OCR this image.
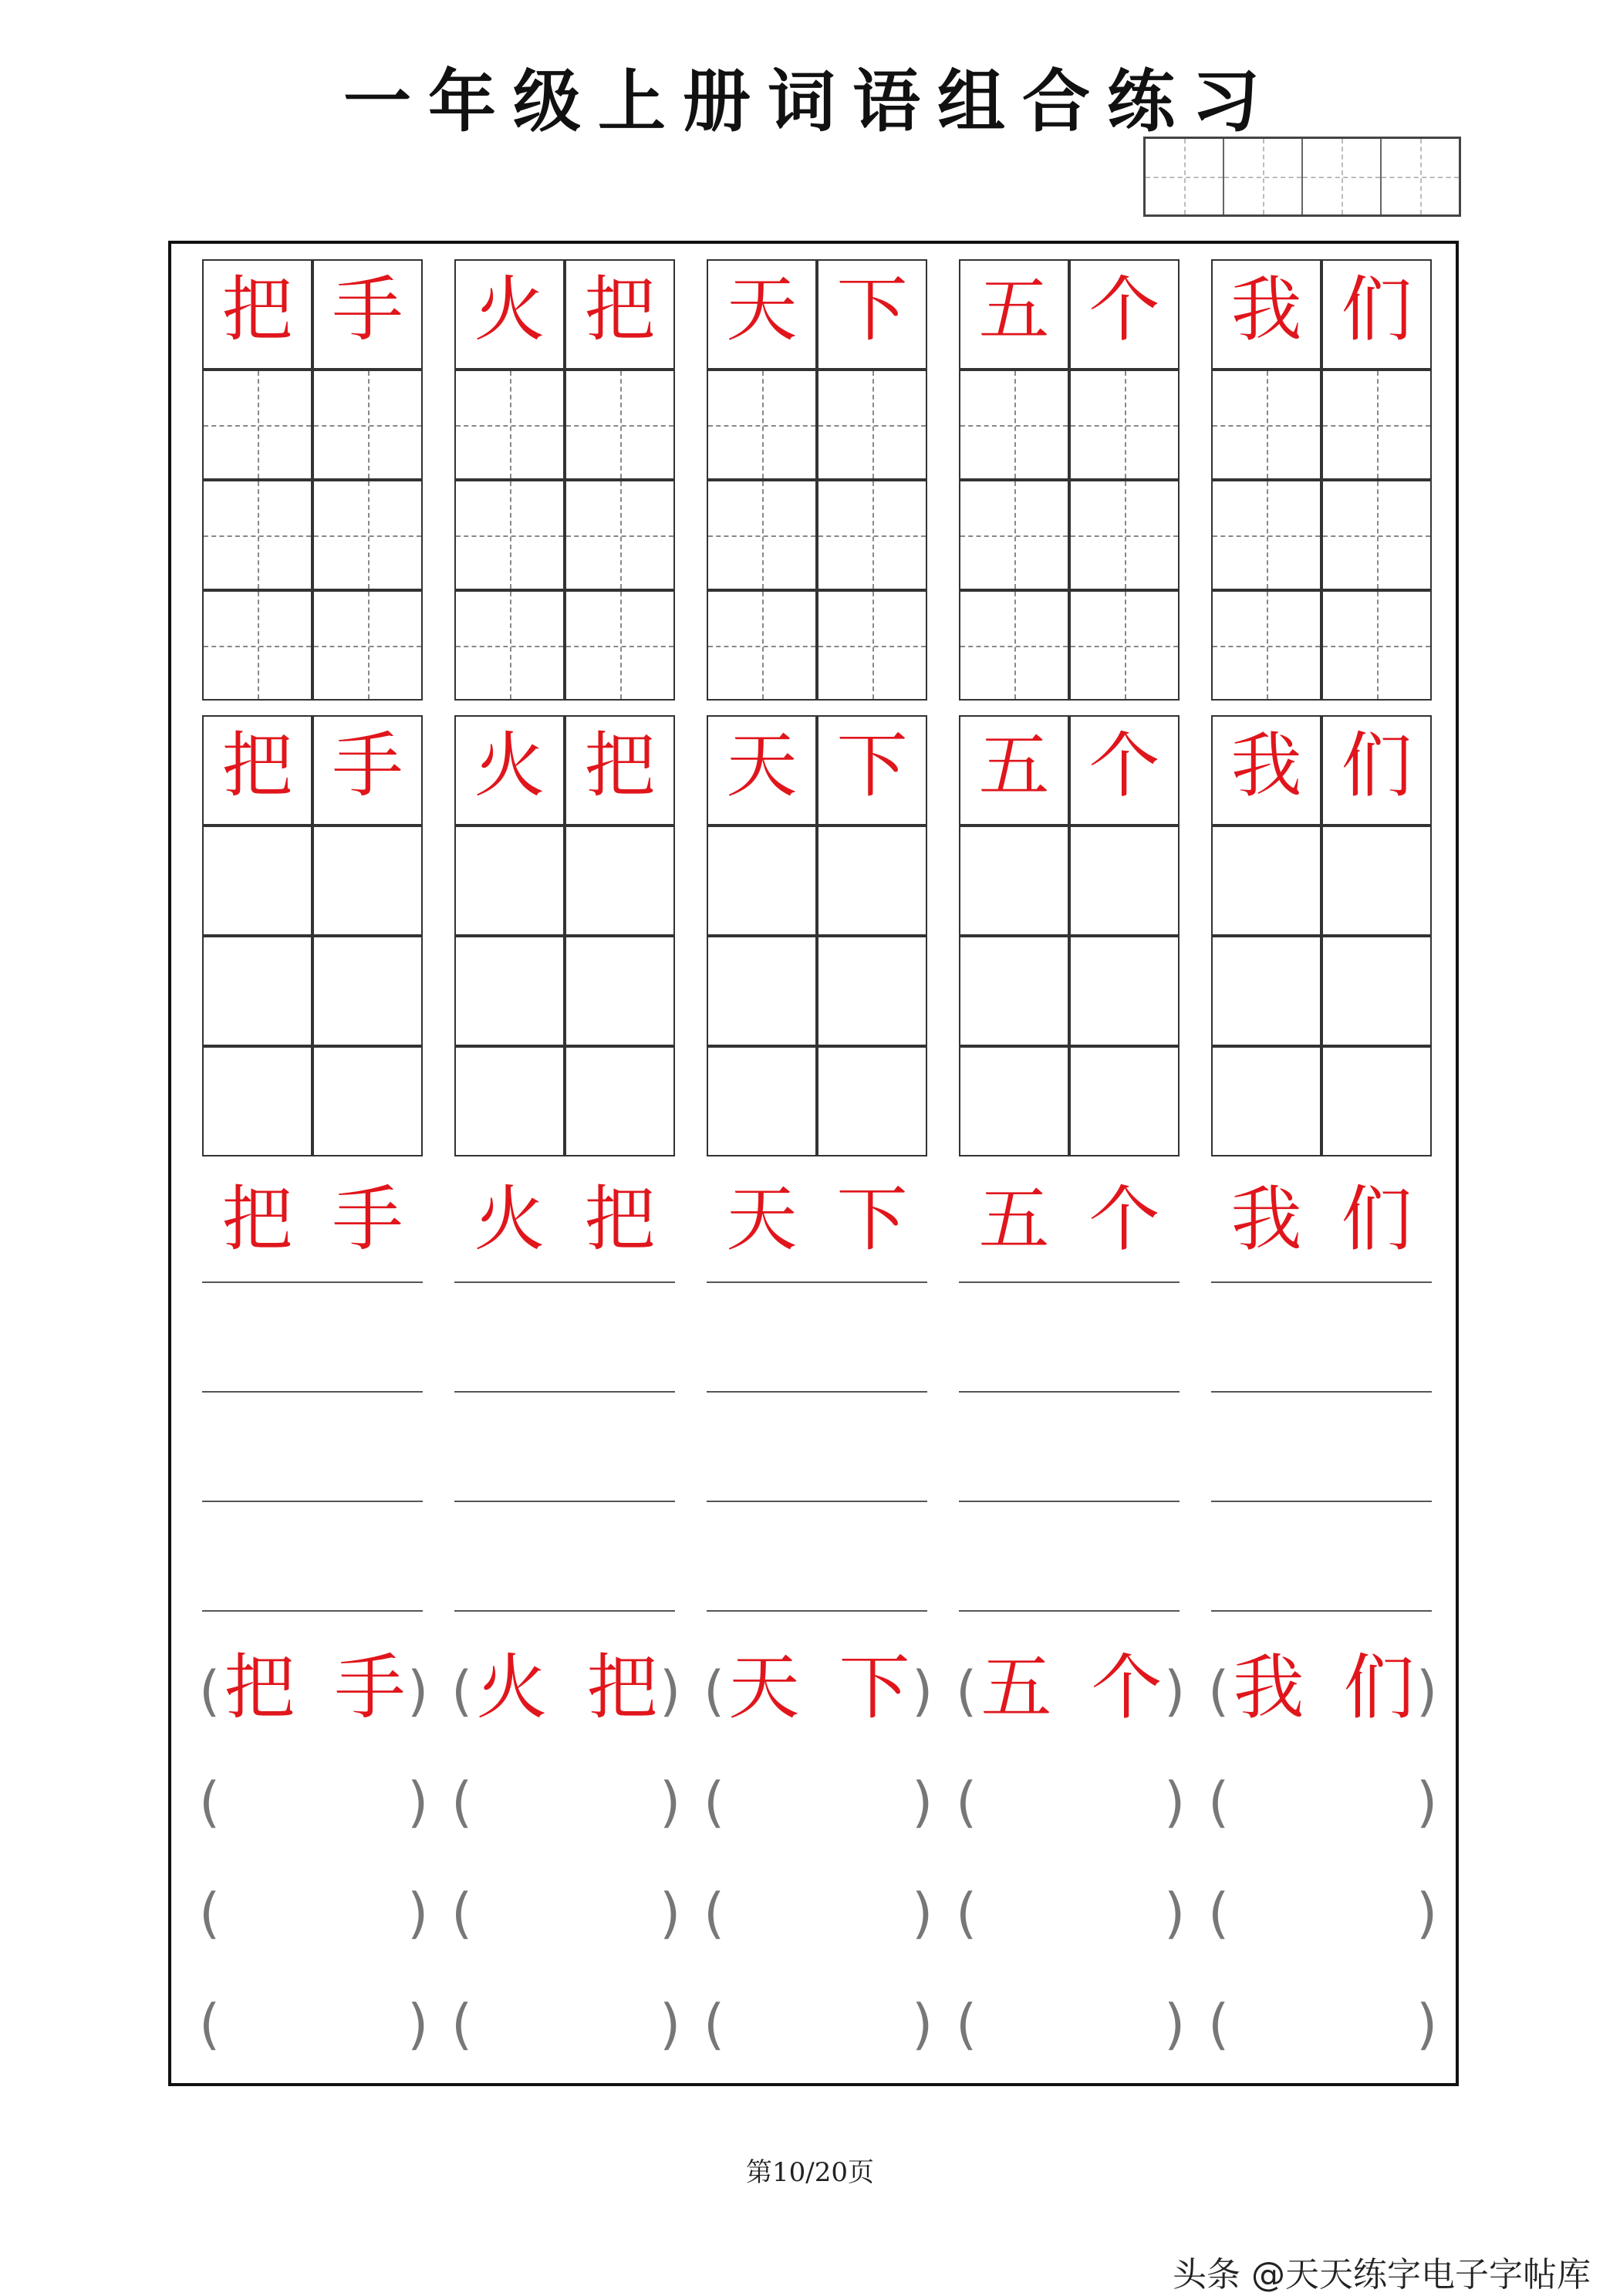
一年级上册词语组合练习
把 手
把 手
把 手
(	)
把 手
(	)
(	)
(	)
火 把
火 把
火 把
(	)
火 把
(	)
(	)
(	)
天 下
天 下
天 下
(	)
天 下
(	)
(	)
(	)
五 个
五 个
五 个
(	)
五 个
(	)
(	)
(	)
我 们
我 们
我 们
(	)
我 们
(	)
(	)
(	)
第10/20页
头条 @天天练字电子字帖库
